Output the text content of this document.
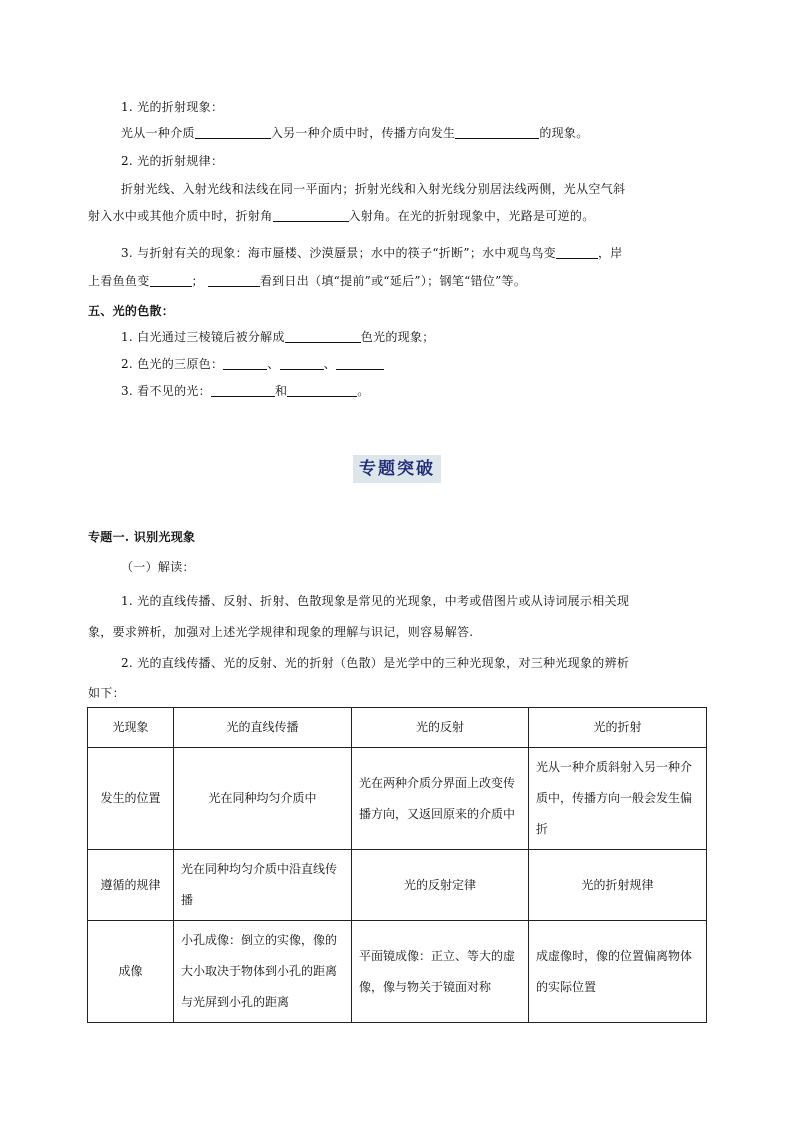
1. 光的折射现象：
光从一种介质	入另一种介质中时，传播方向发生	的现象。
2. 光的折射规律：
折射光线、入射光线和法线在同一平面内；折射光线和入射光线分别居法线两侧，光从空气斜
射入水中或其他介质中时，折射角	入射角。在光的折射现象中，光路是可逆的。
3. 与折射有关的现象：海市蜃楼、沙漠蜃景；水中的筷子“折断”；水中观鸟鸟变	，岸
上看鱼鱼变	；	看到日出（填“提前”或“延后”）；钢笔“错位”等。
五、光的色散：
1. 白光通过三棱镜后被分解成	色光的现象；
2. 色光的三原色：	、	、
3. 看不见的光：	和	。
专题突破
专题一. 识别光现象
（一）解读：
1. 光的直线传播、反射、折射、色散现象是常见的光现象，中考或借图片或从诗词展示相关现
象，要求辨析，加强对上述光学规律和现象的理解与识记，则容易解答.
2. 光的直线传播、光的反射、光的折射（色散）是光学中的三种光现象，对三种光现象的辨析
如下：
光现象	光的直线传播	光的反射	光的折射
发生的位置	光在同种均匀介质中	光在两种介质分界面上改变传播方向，又返回原来的介质中	光从一种介质斜射入另一种介质中，传播方向一般会发生偏折
遵循的规律	光在同种均匀介质中沿直线传播	光的反射定律	光的折射规律
成像	小孔成像：倒立的实像，像的大小取决于物体到小孔的距离与光屏到小孔的距离	平面镜成像：正立、等大的虚像，像与物关于镜面对称	成虚像时，像的位置偏离物体的实际位置
